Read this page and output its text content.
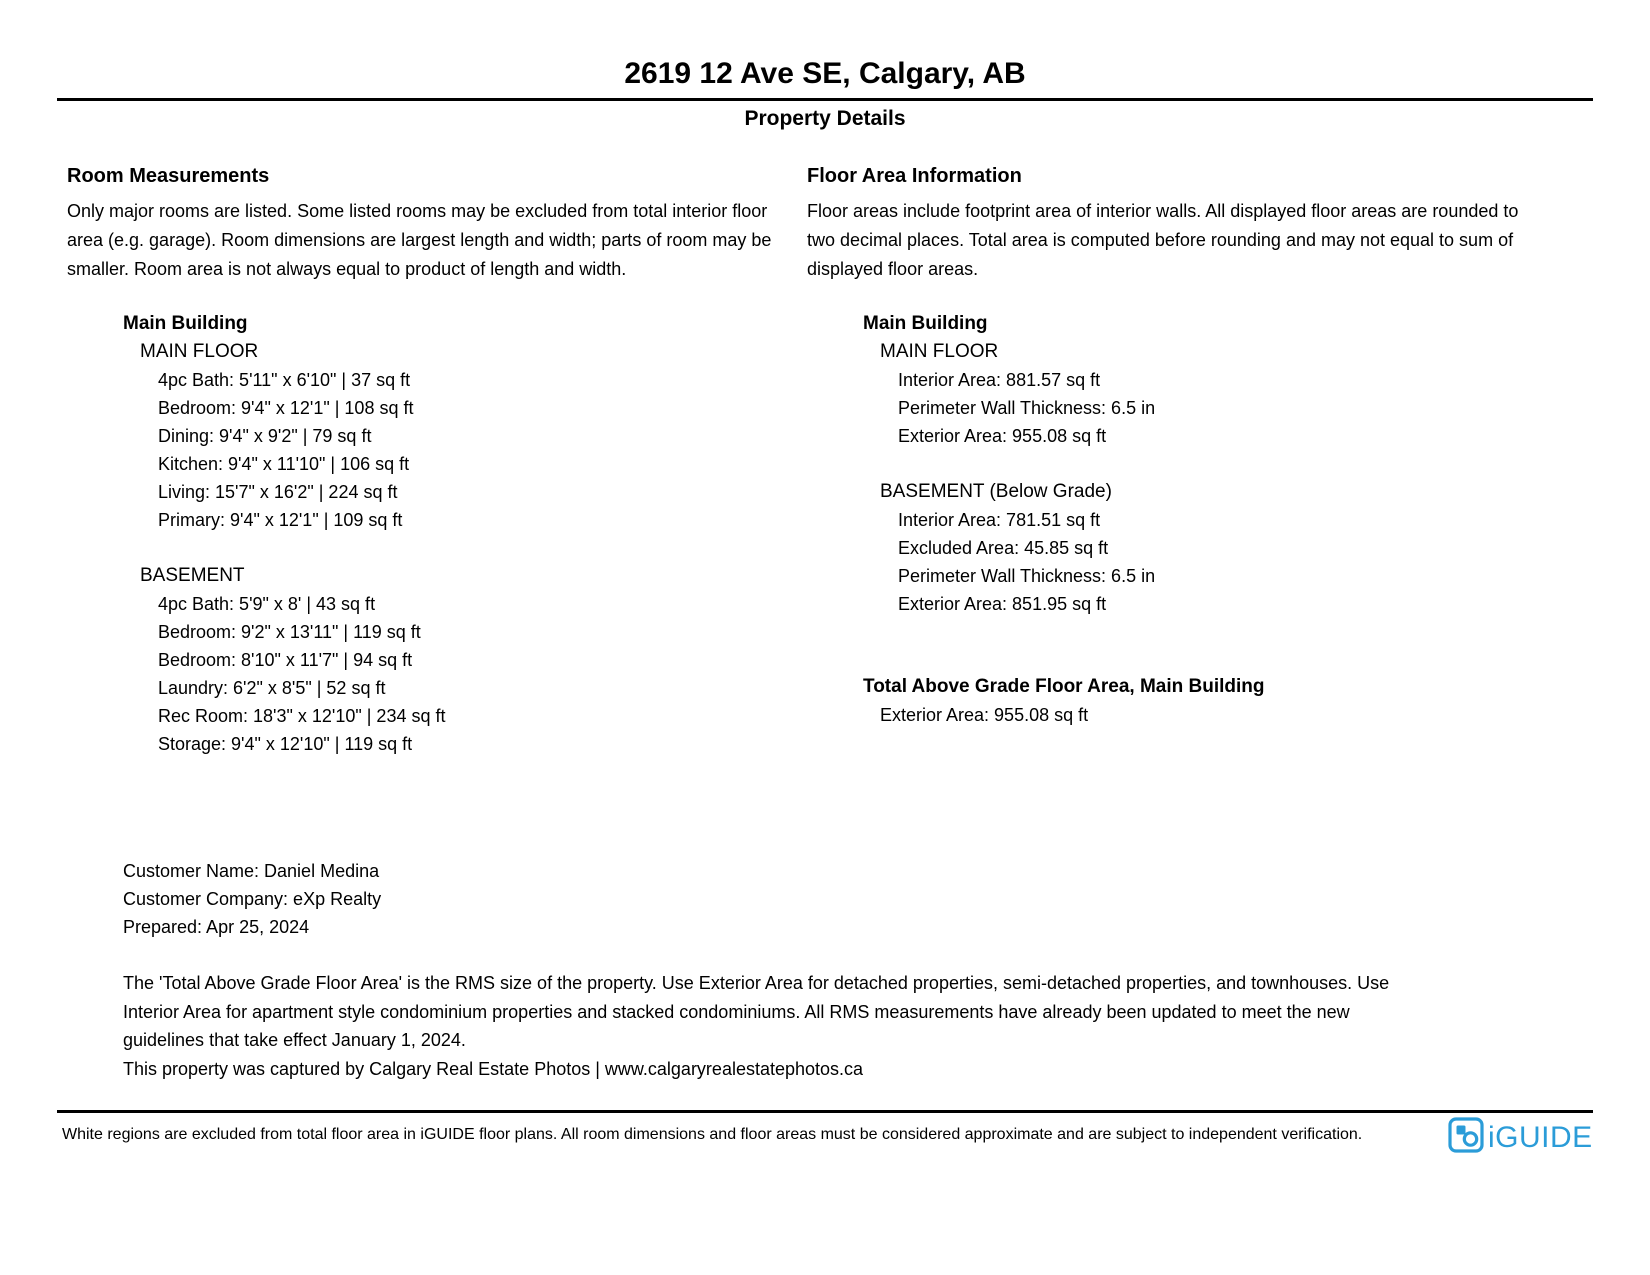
2619 12 Ave SE, Calgary, AB
Property Details
Room Measurements

Only major rooms are listed. Some listed rooms may be excluded from total interior floor area (e.g. garage). Room dimensions are largest length and width; parts of room may be smaller. Room area is not always equal to product of length and width.

Main Building
MAIN FLOOR
4pc Bath: 5'11" x 6'10" | 37 sq ft
Bedroom: 9'4" x 12'1" | 108 sq ft
Dining: 9'4" x 9'2" | 79 sq ft
Kitchen: 9'4" x 11'10" | 106 sq ft
Living: 15'7" x 16'2" | 224 sq ft
Primary: 9'4" x 12'1" | 109 sq ft
BASEMENT
4pc Bath: 5'9" x 8' | 43 sq ft
Bedroom: 9'2" x 13'11" | 119 sq ft
Bedroom: 8'10" x 11'7" | 94 sq ft
Laundry: 6'2" x 8'5" | 52 sq ft
Rec Room: 18'3" x 12'10" | 234 sq ft
Storage: 9'4" x 12'10" | 119 sq ft
Floor Area Information

Floor areas include footprint area of interior walls. All displayed floor areas are rounded to two decimal places. Total area is computed before rounding and may not equal to sum of displayed floor areas.

Main Building
MAIN FLOOR
Interior Area: 881.57 sq ft
Perimeter Wall Thickness: 6.5 in
Exterior Area: 955.08 sq ft
BASEMENT (Below Grade)
Interior Area: 781.51 sq ft
Excluded Area: 45.85 sq ft
Perimeter Wall Thickness: 6.5 in
Exterior Area: 851.95 sq ft
Total Above Grade Floor Area, Main Building
Exterior Area: 955.08 sq ft
Customer Name: Daniel Medina
Customer Company: eXp Realty
Prepared: Apr 25, 2024

The 'Total Above Grade Floor Area' is the RMS size of the property. Use Exterior Area for detached properties, semi-detached properties, and townhouses. Use Interior Area for apartment style condominium properties and stacked condominiums. All RMS measurements have already been updated to meet the new guidelines that take effect January 1, 2024.

This property was captured by Calgary Real Estate Photos | www.calgaryrealestatephotos.ca

White regions are excluded from total floor area in iGUIDE floor plans. All room dimensions and floor areas must be considered approximate and are subject to independent verification.	iGUIDE
